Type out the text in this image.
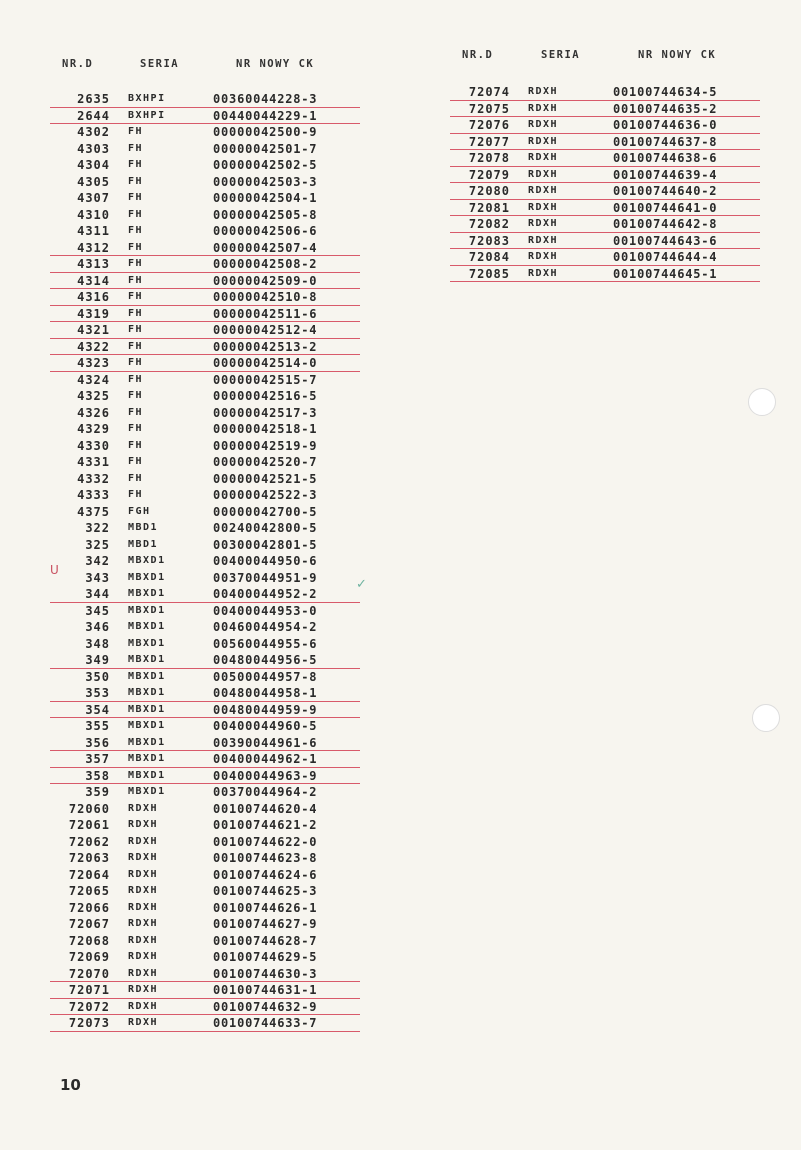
NR.D	SERIA	NR NOWY CK
NR.D	SERIA	NR NOWY CK
2635 BXHPI	00360044228-3
2644 BXHPI	00440044229-1
4302 FH	00000042500-9
4303 FH	00000042501-7
4304 FH	00000042502-5
4305 FH	00000042503-3
4307 FH	00000042504-1
4310 FH	00000042505-8
4311 FH	00000042506-6
4312 FH	00000042507-4
4313 FH	00000042508-2
4314 FH	00000042509-0
4316 FH	00000042510-8
4319 FH	00000042511-6
4321 FH	00000042512-4
4322 FH	00000042513-2
4323 FH	00000042514-0
4324 FH	00000042515-7
4325 FH	00000042516-5
4326 FH	00000042517-3
4329 FH	00000042518-1
4330 FH	00000042519-9
4331 FH	00000042520-7
4332 FH	00000042521-5
4333 FH	00000042522-3
4375 FGH	00000042700-5
322 MBD1	00240042800-5
325 MBD1	00300042801-5
342 MBXD1	00400044950-6
343 MBXD1	00370044951-9
344 MBXD1	00400044952-2
345 MBXD1	00400044953-0
346 MBXD1	00460044954-2
348 MBXD1	00560044955-6
349 MBXD1	00480044956-5
350 MBXD1	00500044957-8
353 MBXD1	00480044958-1
354 MBXD1	00480044959-9
355 MBXD1	00400044960-5
356 MBXD1	00390044961-6
357 MBXD1	00400044962-1
358 MBXD1	00400044963-9
359 MBXD1	00370044964-2
72060 RDXH	00100744620-4
72061 RDXH	00100744621-2
72062 RDXH	00100744622-0
72063 RDXH	00100744623-8
72064 RDXH	00100744624-6
72065 RDXH	00100744625-3
72066 RDXH	00100744626-1
72067 RDXH	00100744627-9
72068 RDXH	00100744628-7
72069 RDXH	00100744629-5
72070 RDXH	00100744630-3
72071 RDXH	00100744631-1
72072 RDXH	00100744632-9
72073 RDXH	00100744633-7
72074 RDXH	00100744634-5
72075 RDXH	00100744635-2
72076 RDXH	00100744636-0
72077 RDXH	00100744637-8
72078 RDXH	00100744638-6
72079 RDXH	00100744639-4
72080 RDXH	00100744640-2
72081 RDXH	00100744641-0
72082 RDXH	00100744642-8
72083 RDXH	00100744643-6
72084 RDXH	00100744644-4
72085 RDXH	00100744645-1
U
✓
10
